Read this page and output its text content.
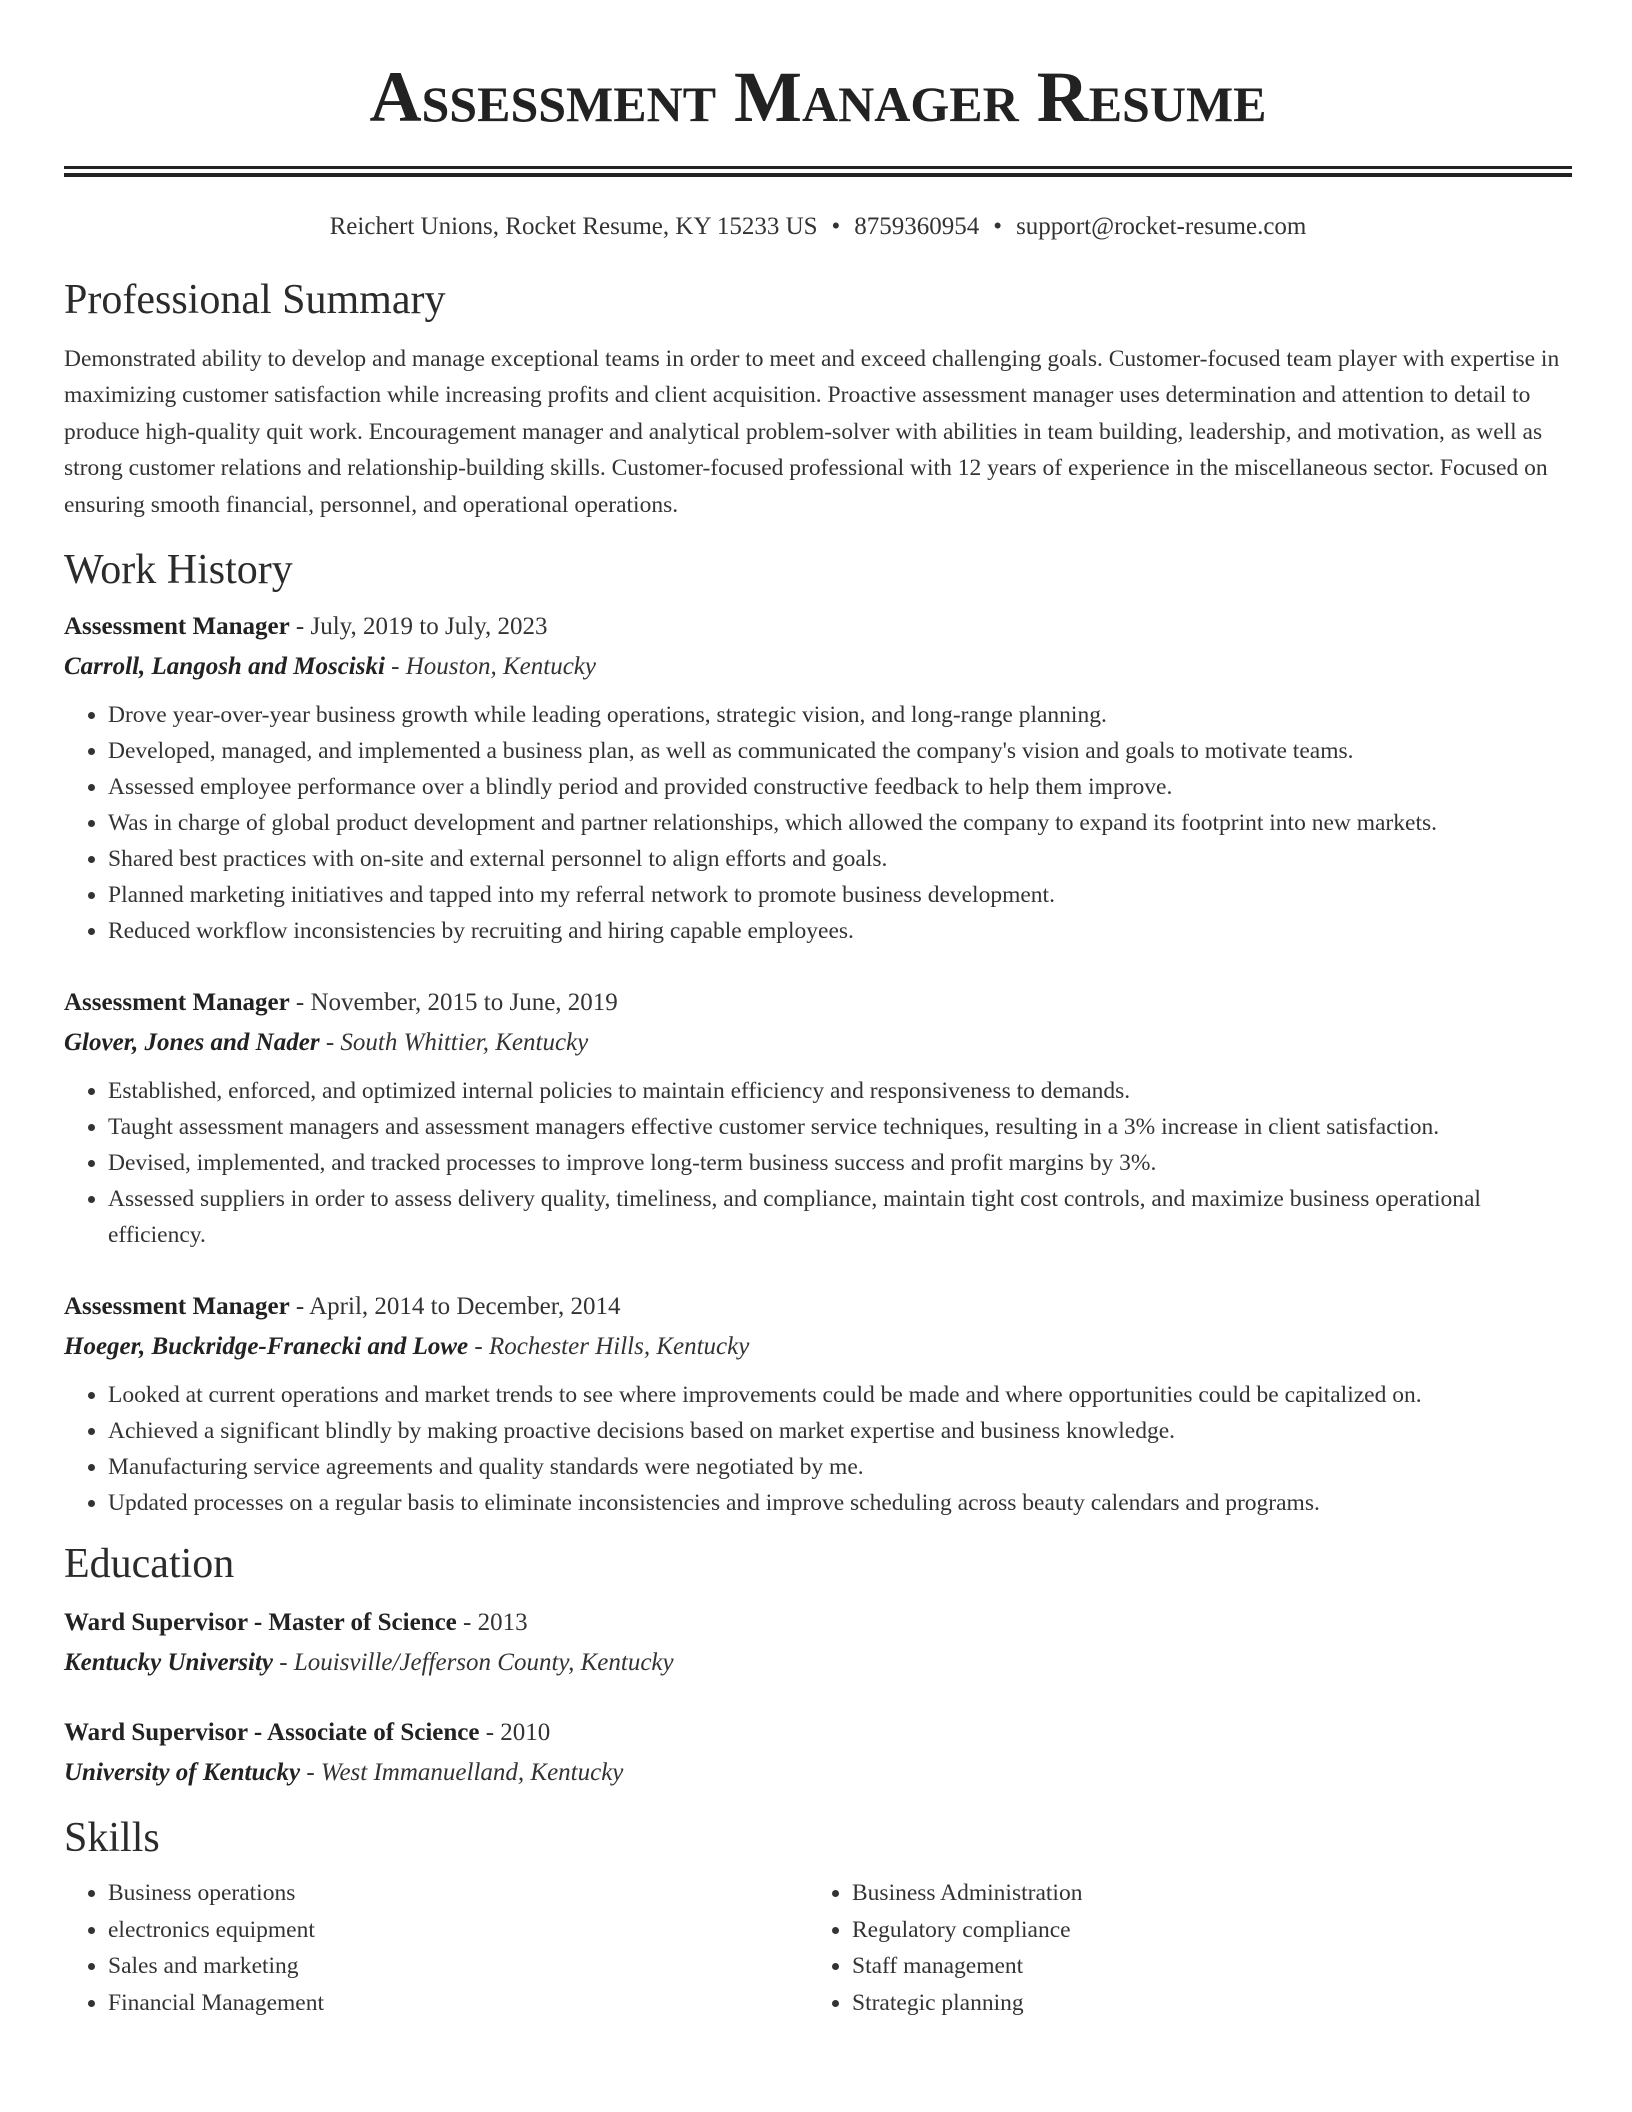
Assessment Manager Resume
Reichert Unions, Rocket Resume, KY 15233 US • 8759360954 • support@rocket-resume.com
Professional Summary
Demonstrated ability to develop and manage exceptional teams in order to meet and exceed challenging goals. Customer-focused team player with expertise in maximizing customer satisfaction while increasing profits and client acquisition. Proactive assessment manager uses determination and attention to detail to produce high-quality quit work. Encouragement manager and analytical problem-solver with abilities in team building, leadership, and motivation, as well as strong customer relations and relationship-building skills. Customer-focused professional with 12 years of experience in the miscellaneous sector. Focused on ensuring smooth financial, personnel, and operational operations.
Work History
Assessment Manager - July, 2019 to July, 2023
Carroll, Langosh and Mosciski - Houston, Kentucky
• Drove year-over-year business growth while leading operations, strategic vision, and long-range planning.
• Developed, managed, and implemented a business plan, as well as communicated the company's vision and goals to motivate teams.
• Assessed employee performance over a blindly period and provided constructive feedback to help them improve.
• Was in charge of global product development and partner relationships, which allowed the company to expand its footprint into new markets.
• Shared best practices with on-site and external personnel to align efforts and goals.
• Planned marketing initiatives and tapped into my referral network to promote business development.
• Reduced workflow inconsistencies by recruiting and hiring capable employees.
Assessment Manager - November, 2015 to June, 2019
Glover, Jones and Nader - South Whittier, Kentucky
• Established, enforced, and optimized internal policies to maintain efficiency and responsiveness to demands.
• Taught assessment managers and assessment managers effective customer service techniques, resulting in a 3% increase in client satisfaction.
• Devised, implemented, and tracked processes to improve long-term business success and profit margins by 3%.
• Assessed suppliers in order to assess delivery quality, timeliness, and compliance, maintain tight cost controls, and maximize business operational efficiency.
Assessment Manager - April, 2014 to December, 2014
Hoeger, Buckridge-Franecki and Lowe - Rochester Hills, Kentucky
• Looked at current operations and market trends to see where improvements could be made and where opportunities could be capitalized on.
• Achieved a significant blindly by making proactive decisions based on market expertise and business knowledge.
• Manufacturing service agreements and quality standards were negotiated by me.
• Updated processes on a regular basis to eliminate inconsistencies and improve scheduling across beauty calendars and programs.
Education
Ward Supervisor - Master of Science - 2013
Kentucky University - Louisville/Jefferson County, Kentucky
Ward Supervisor - Associate of Science - 2010
University of Kentucky - West Immanuelland, Kentucky
Skills
• Business operations
• electronics equipment
• Sales and marketing
• Financial Management
• Business Administration
• Regulatory compliance
• Staff management
• Strategic planning
